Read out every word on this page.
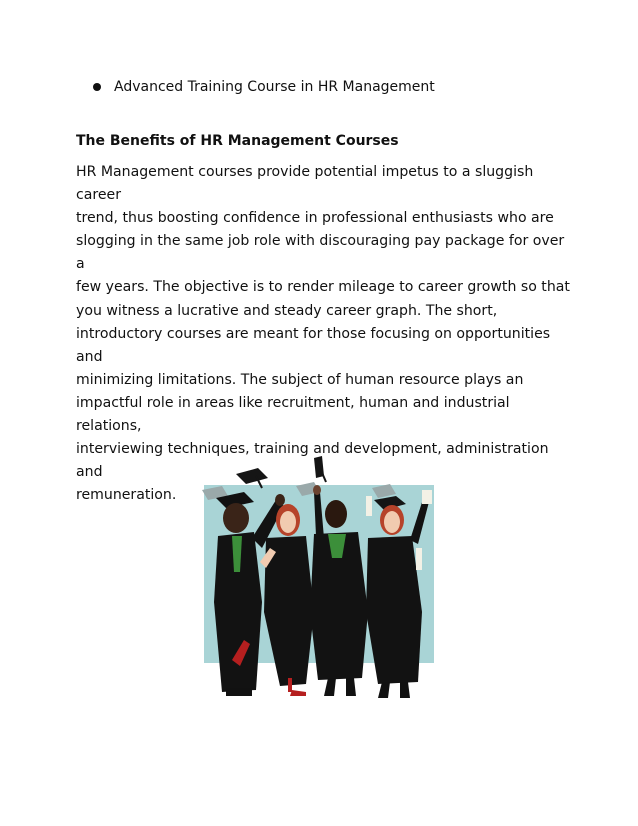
Advanced Training Course in HR Management
The Benefits of HR Management Courses
HR Management courses provide potential impetus to a sluggish career
trend, thus boosting confidence in professional enthusiasts who are
slogging in the same job role with discouraging pay package for over a
few years. The objective is to render mileage to career growth so that
you witness a lucrative and steady career graph. The short,
introductory courses are meant for those focusing on opportunities and
minimizing limitations. The subject of human resource plays an
impactful role in areas like recruitment, human and industrial relations,
interviewing techniques, training and development, administration and
remuneration.
